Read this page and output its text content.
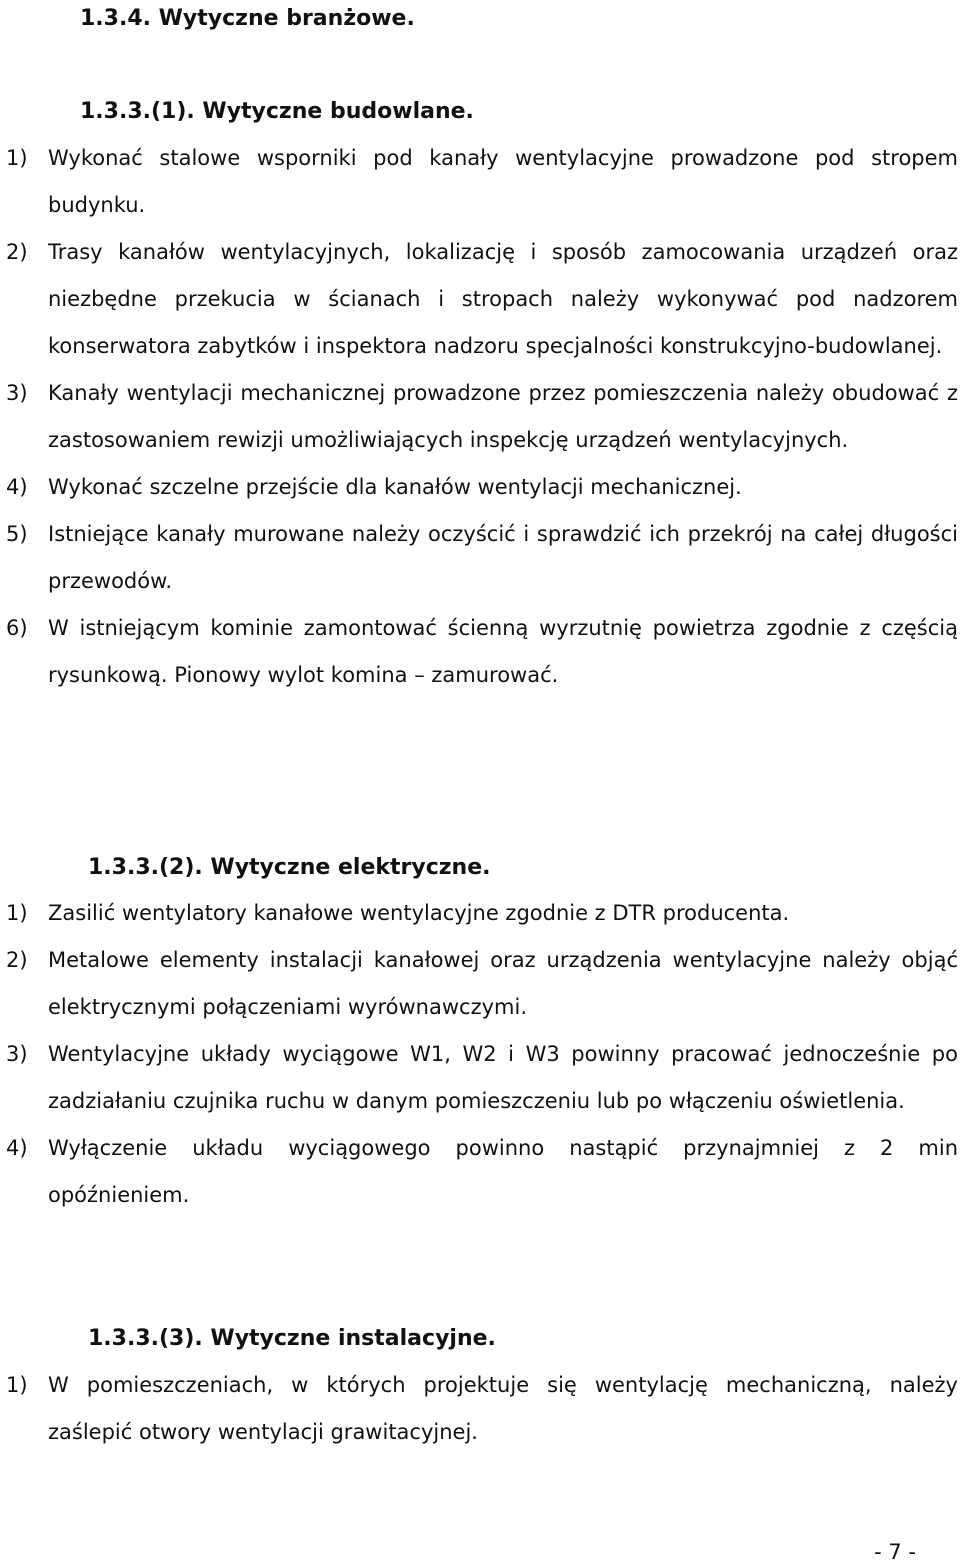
1.3.4. Wytyczne branżowe.
1.3.3.(1). Wytyczne budowlane.
1) Wykonać stalowe wsporniki pod kanały wentylacyjne prowadzone pod stropem budynku.
2) Trasy kanałów wentylacyjnych, lokalizację i sposób zamocowania urządzeń oraz niezbędne przekucia w ścianach i stropach należy wykonywać pod nadzorem konserwatora zabytków i inspektora nadzoru specjalności konstrukcyjno-budowlanej.
3) Kanały wentylacji mechanicznej prowadzone przez pomieszczenia należy obudować z zastosowaniem rewizji umożliwiających inspekcję urządzeń wentylacyjnych.
4) Wykonać szczelne przejście dla kanałów wentylacji mechanicznej.
5) Istniejące kanały murowane należy oczyścić i sprawdzić ich przekrój na całej długości przewodów.
6) W istniejącym kominie zamontować ścienną wyrzutnię powietrza zgodnie z częścią rysunkową. Pionowy wylot komina – zamurować.
1.3.3.(2). Wytyczne elektryczne.
1) Zasilić wentylatory kanałowe wentylacyjne zgodnie z DTR producenta.
2) Metalowe elementy instalacji kanałowej oraz urządzenia wentylacyjne należy objąć elektrycznymi połączeniami wyrównawczymi.
3) Wentylacyjne układy wyciągowe W1, W2 i W3 powinny pracować jednocześnie po zadziałaniu czujnika ruchu w danym pomieszczeniu lub po włączeniu oświetlenia.
4) Wyłączenie układu wyciągowego powinno nastąpić przynajmniej z 2 min opóźnieniem.
1.3.3.(3). Wytyczne instalacyjne.
1) W pomieszczeniach, w których projektuje się wentylację mechaniczną, należy zaślepić otwory wentylacji grawitacyjnej.
- 7 -
